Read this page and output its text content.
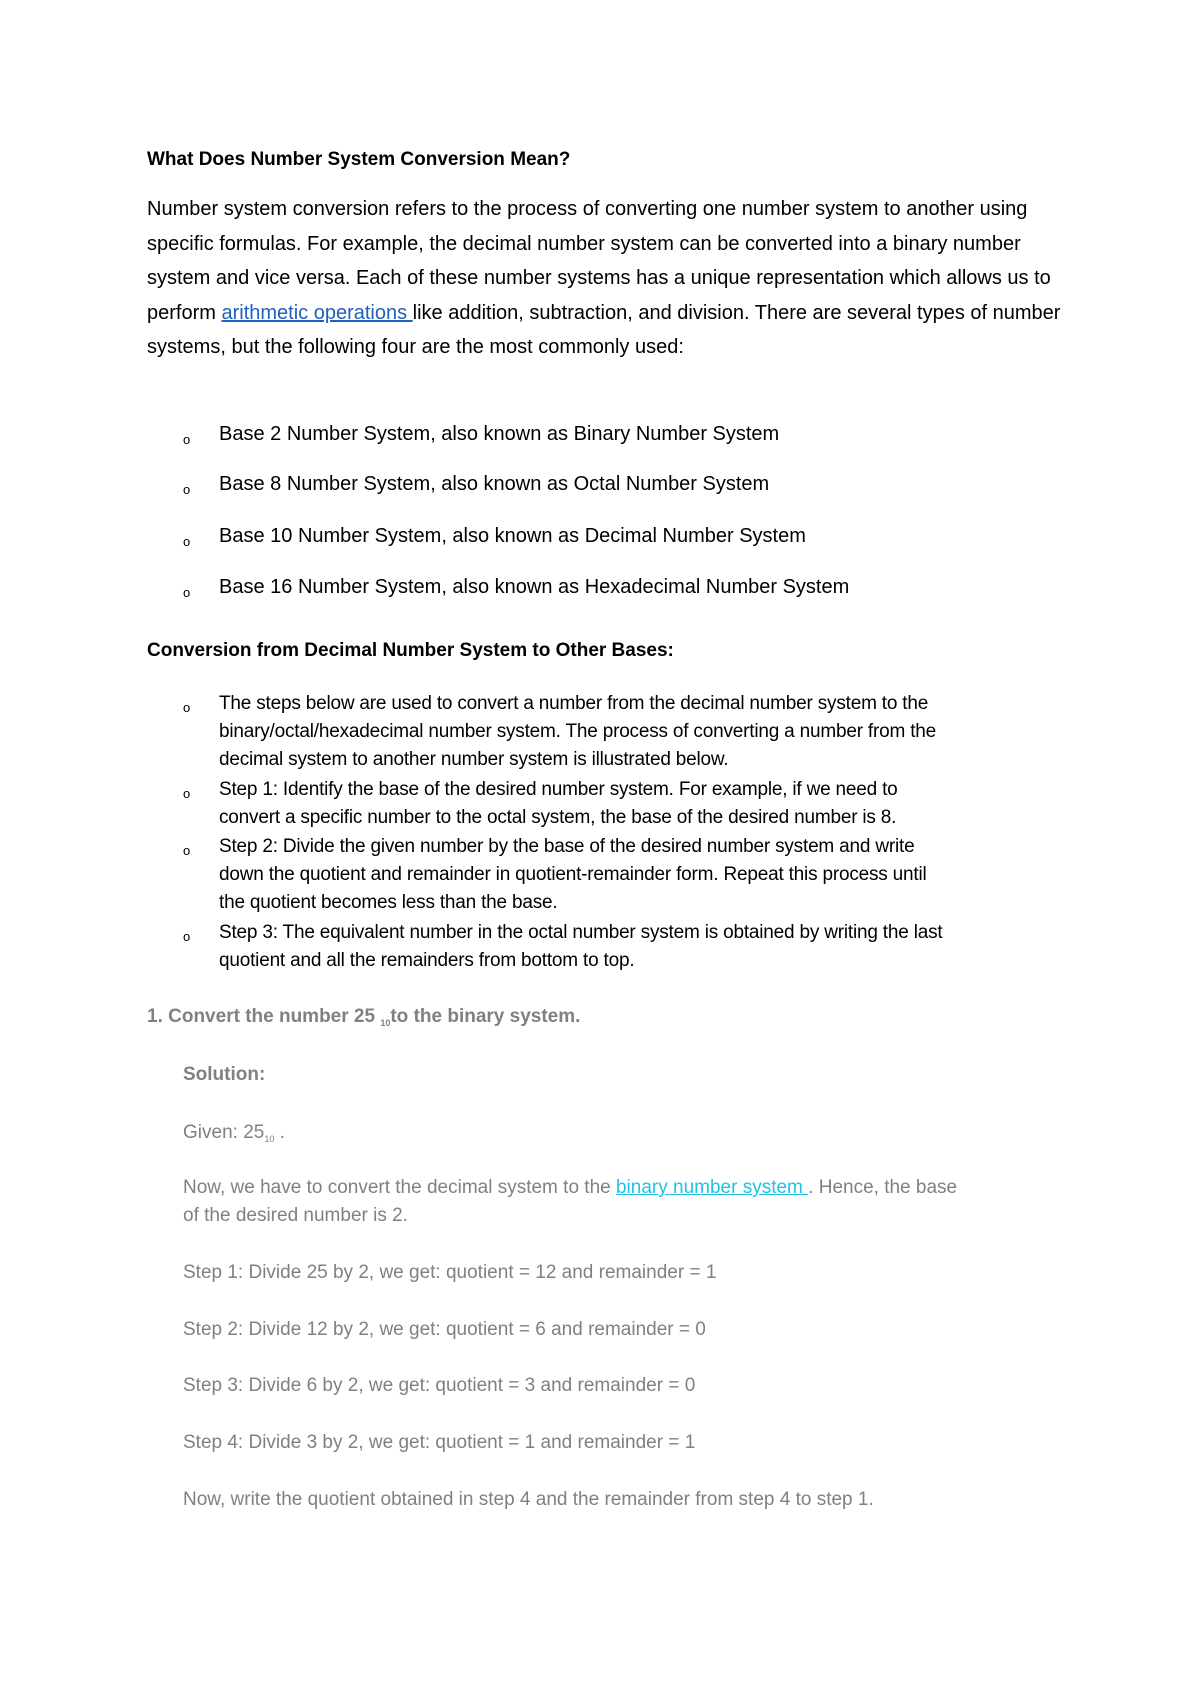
What Does Number System Conversion Mean?
Number system conversion refers to the process of converting one number system to another using specific formulas. For example, the decimal number system can be converted into a binary number system and vice versa. Each of these number systems has a unique representation which allows us to perform arithmetic operations like addition, subtraction, and division. There are several types of number systems, but the following four are the most commonly used:
o Base 2 Number System, also known as Binary Number System
o Base 8 Number System, also known as Octal Number System
o Base 10 Number System, also known as Decimal Number System
o Base 16 Number System, also known as Hexadecimal Number System
Conversion from Decimal Number System to Other Bases:
o The steps below are used to convert a number from the decimal number system to the
binary/octal/hexadecimal number system. The process of converting a number from the
decimal system to another number system is illustrated below.
o Step 1: Identify the base of the desired number system. For example, if we need to
convert a specific number to the octal system, the base of the desired number is 8.
o Step 2: Divide the given number by the base of the desired number system and write
down the quotient and remainder in quotient-remainder form. Repeat this process until
the quotient becomes less than the base.
o Step 3: The equivalent number in the octal number system is obtained by writing the last
quotient and all the remainders from bottom to top.
1. Convert the number 25 $_{10}$to the binary system.
Solution:
Given: $25_{10}$ .
Now, we have to convert the decimal system to the binary number system . Hence, the base
of the desired number is 2.
Step 1: Divide 25 by 2, we get: quotient = 12 and remainder = 1
Step 2: Divide 12 by 2, we get: quotient = 6 and remainder = 0
Step 3: Divide 6 by 2, we get: quotient = 3 and remainder = 0
Step 4: Divide 3 by 2, we get: quotient = 1 and remainder = 1
Now, write the quotient obtained in step 4 and the remainder from step 4 to step 1.
